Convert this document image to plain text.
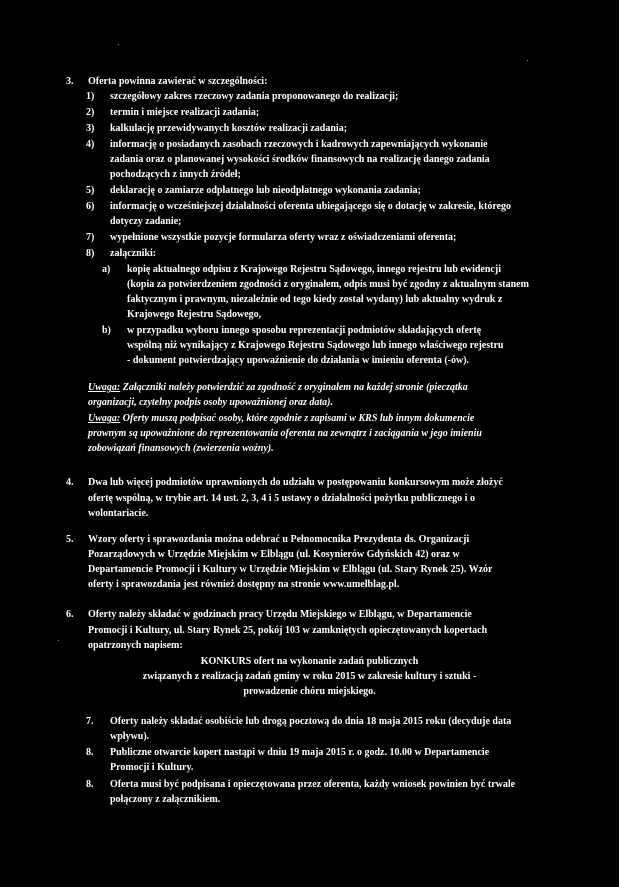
3. Oferta powinna zawierać w szczególności:
1) szczegółowy zakres rzeczowy zadania proponowanego do realizacji;
2) termin i miejsce realizacji zadania;
3) kalkulację przewidywanych kosztów realizacji zadania;
4) informację o posiadanych zasobach rzeczowych i kadrowych zapewniających wykonanie
zadania oraz o planowanej wysokości środków finansowych na realizację danego zadania
pochodzących z innych źródeł;
5) deklarację o zamiarze odpłatnego lub nieodpłatnego wykonania zadania;
6) informację o wcześniejszej działalności oferenta ubiegającego się o dotację w zakresie, którego
dotyczy zadanie;
7) wypełnione wszystkie pozycje formularza oferty wraz z oświadczeniami oferenta;
8) załączniki:
a) kopię aktualnego odpisu z Krajowego Rejestru Sądowego, innego rejestru lub ewidencji
(kopia za potwierdzeniem zgodności z oryginałem, odpis musi być zgodny z aktualnym stanem
faktycznym i prawnym, niezależnie od tego kiedy został wydany) lub aktualny wydruk z
Krajowego Rejestru Sądowego,
b) w przypadku wyboru innego sposobu reprezentacji podmiotów składających ofertę
wspólną niż wynikający z Krajowego Rejestru Sądowego lub innego właściwego rejestru
- dokument potwierdzający upoważnienie do działania w imieniu oferenta (-ów).
Uwaga: Załączniki należy potwierdzić za zgodność z oryginałem na każdej stronie (pieczątka
organizacji, czytelny podpis osoby upoważnionej oraz data).
Uwaga: Oferty muszą podpisać osoby, które zgodnie z zapisami w KRS lub innym dokumencie
prawnym są upoważnione do reprezentowania oferenta na zewnątrz i zaciągania w jego imieniu
zobowiązań finansowych (zwierzenia woźny).
4. Dwa lub więcej podmiotów uprawnionych do udziału w postępowaniu konkursowym może złożyć
ofertę wspólną, w trybie art. 14 ust. 2, 3, 4 i 5 ustawy o działalności pożytku publicznego i o
wolontariacie.
5. Wzory oferty i sprawozdania można odebrać u Pełnomocnika Prezydenta ds. Organizacji
Pozarządowych w Urzędzie Miejskim w Elblągu (ul. Kosynierów Gdyńskich 42) oraz w
Departamencie Promocji i Kultury w Urzędzie Miejskim w Elblągu (ul. Stary Rynek 25). Wzór
oferty i sprawozdania jest również dostępny na stronie www.umelblag.pl.
6. Oferty należy składać w godzinach pracy Urzędu Miejskiego w Elblągu, w Departamencie
Promocji i Kultury, ul. Stary Rynek 25, pokój 103 w zamkniętych opieczętowanych kopertach
opatrzonych napisem:
KONKURS ofert na wykonanie zadań publicznych
związanych z realizacją zadań gminy w roku 2015 w zakresie kultury i sztuki -
prowadzenie chóru miejskiego.
7. Oferty należy składać osobiście lub drogą pocztową do dnia 18 maja 2015 roku (decyduje data
wpływu).
8. Publiczne otwarcie kopert nastąpi w dniu 19 maja 2015 r. o godz. 10.00 w Departamencie
Promocji i Kultury.
8. Oferta musi być podpisana i opieczętowana przez oferenta, każdy wniosek powinien być trwale
połączony z załącznikiem.
